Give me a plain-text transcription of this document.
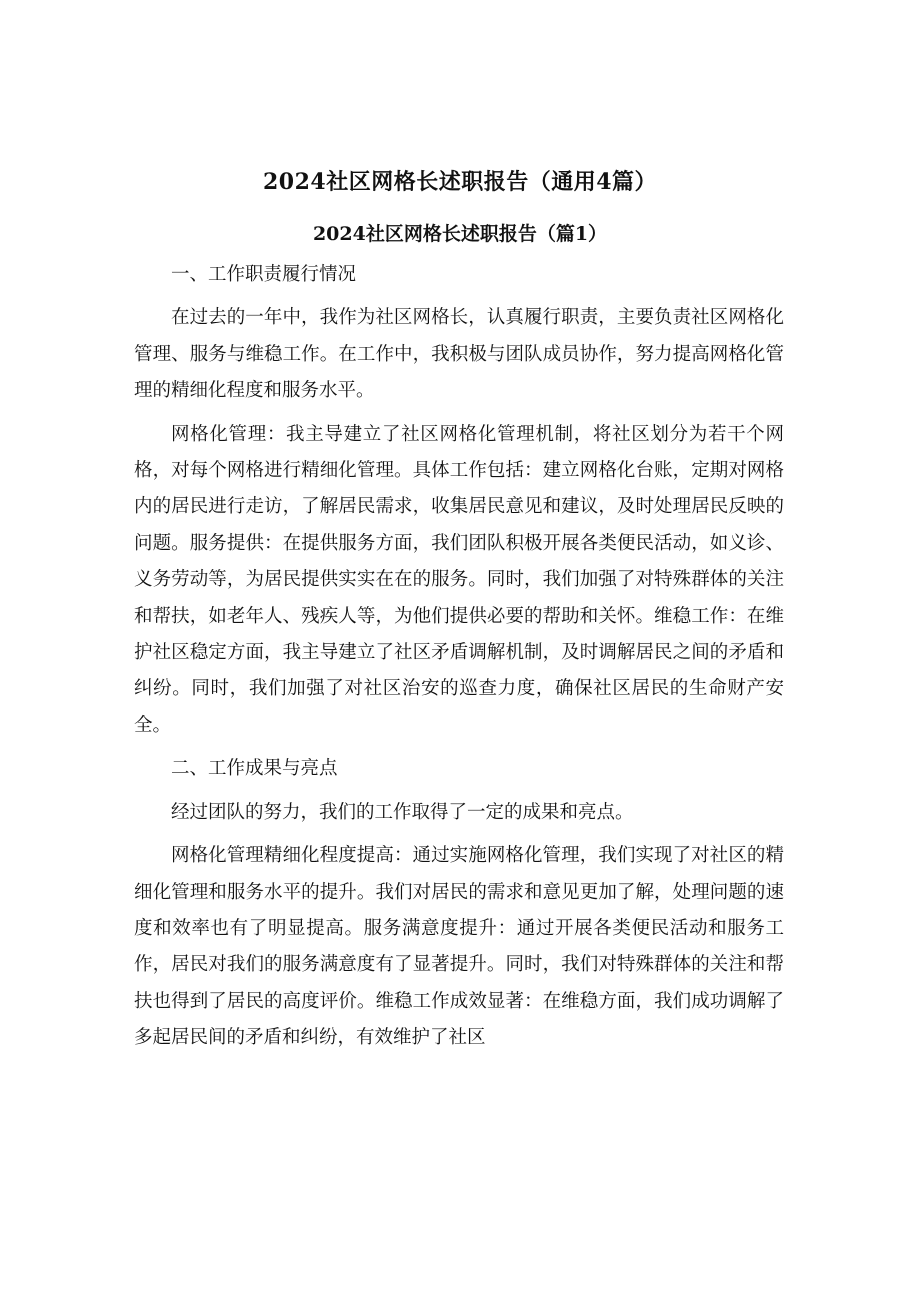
2024社区网格长述职报告（通用4篇）
2024社区网格长述职报告（篇1）

一、工作职责履行情况

在过去的一年中，我作为社区网格长，认真履行职责，主要负责社区网格化管理、服务与维稳工作。在工作中，我积极与团队成员协作，努力提高网格化管理的精细化程度和服务水平。

网格化管理：我主导建立了社区网格化管理机制，将社区划分为若干个网格，对每个网格进行精细化管理。具体工作包括：建立网格化台账，定期对网格内的居民进行走访，了解居民需求，收集居民意见和建议，及时处理居民反映的问题。服务提供：在提供服务方面，我们团队积极开展各类便民活动，如义诊、义务劳动等，为居民提供实实在在的服务。同时，我们加强了对特殊群体的关注和帮扶，如老年人、残疾人等，为他们提供必要的帮助和关怀。维稳工作：在维护社区稳定方面，我主导建立了社区矛盾调解机制，及时调解居民之间的矛盾和纠纷。同时，我们加强了对社区治安的巡查力度，确保社区居民的生命财产安全。

二、工作成果与亮点

经过团队的努力，我们的工作取得了一定的成果和亮点。

网格化管理精细化程度提高：通过实施网格化管理，我们实现了对社区的精细化管理和服务水平的提升。我们对居民的需求和意见更加了解，处理问题的速度和效率也有了明显提高。服务满意度提升：通过开展各类便民活动和服务工作，居民对我们的服务满意度有了显著提升。同时，我们对特殊群体的关注和帮扶也得到了居民的高度评价。维稳工作成效显著：在维稳方面，我们成功调解了多起居民间的矛盾和纠纷，有效维护了社区
